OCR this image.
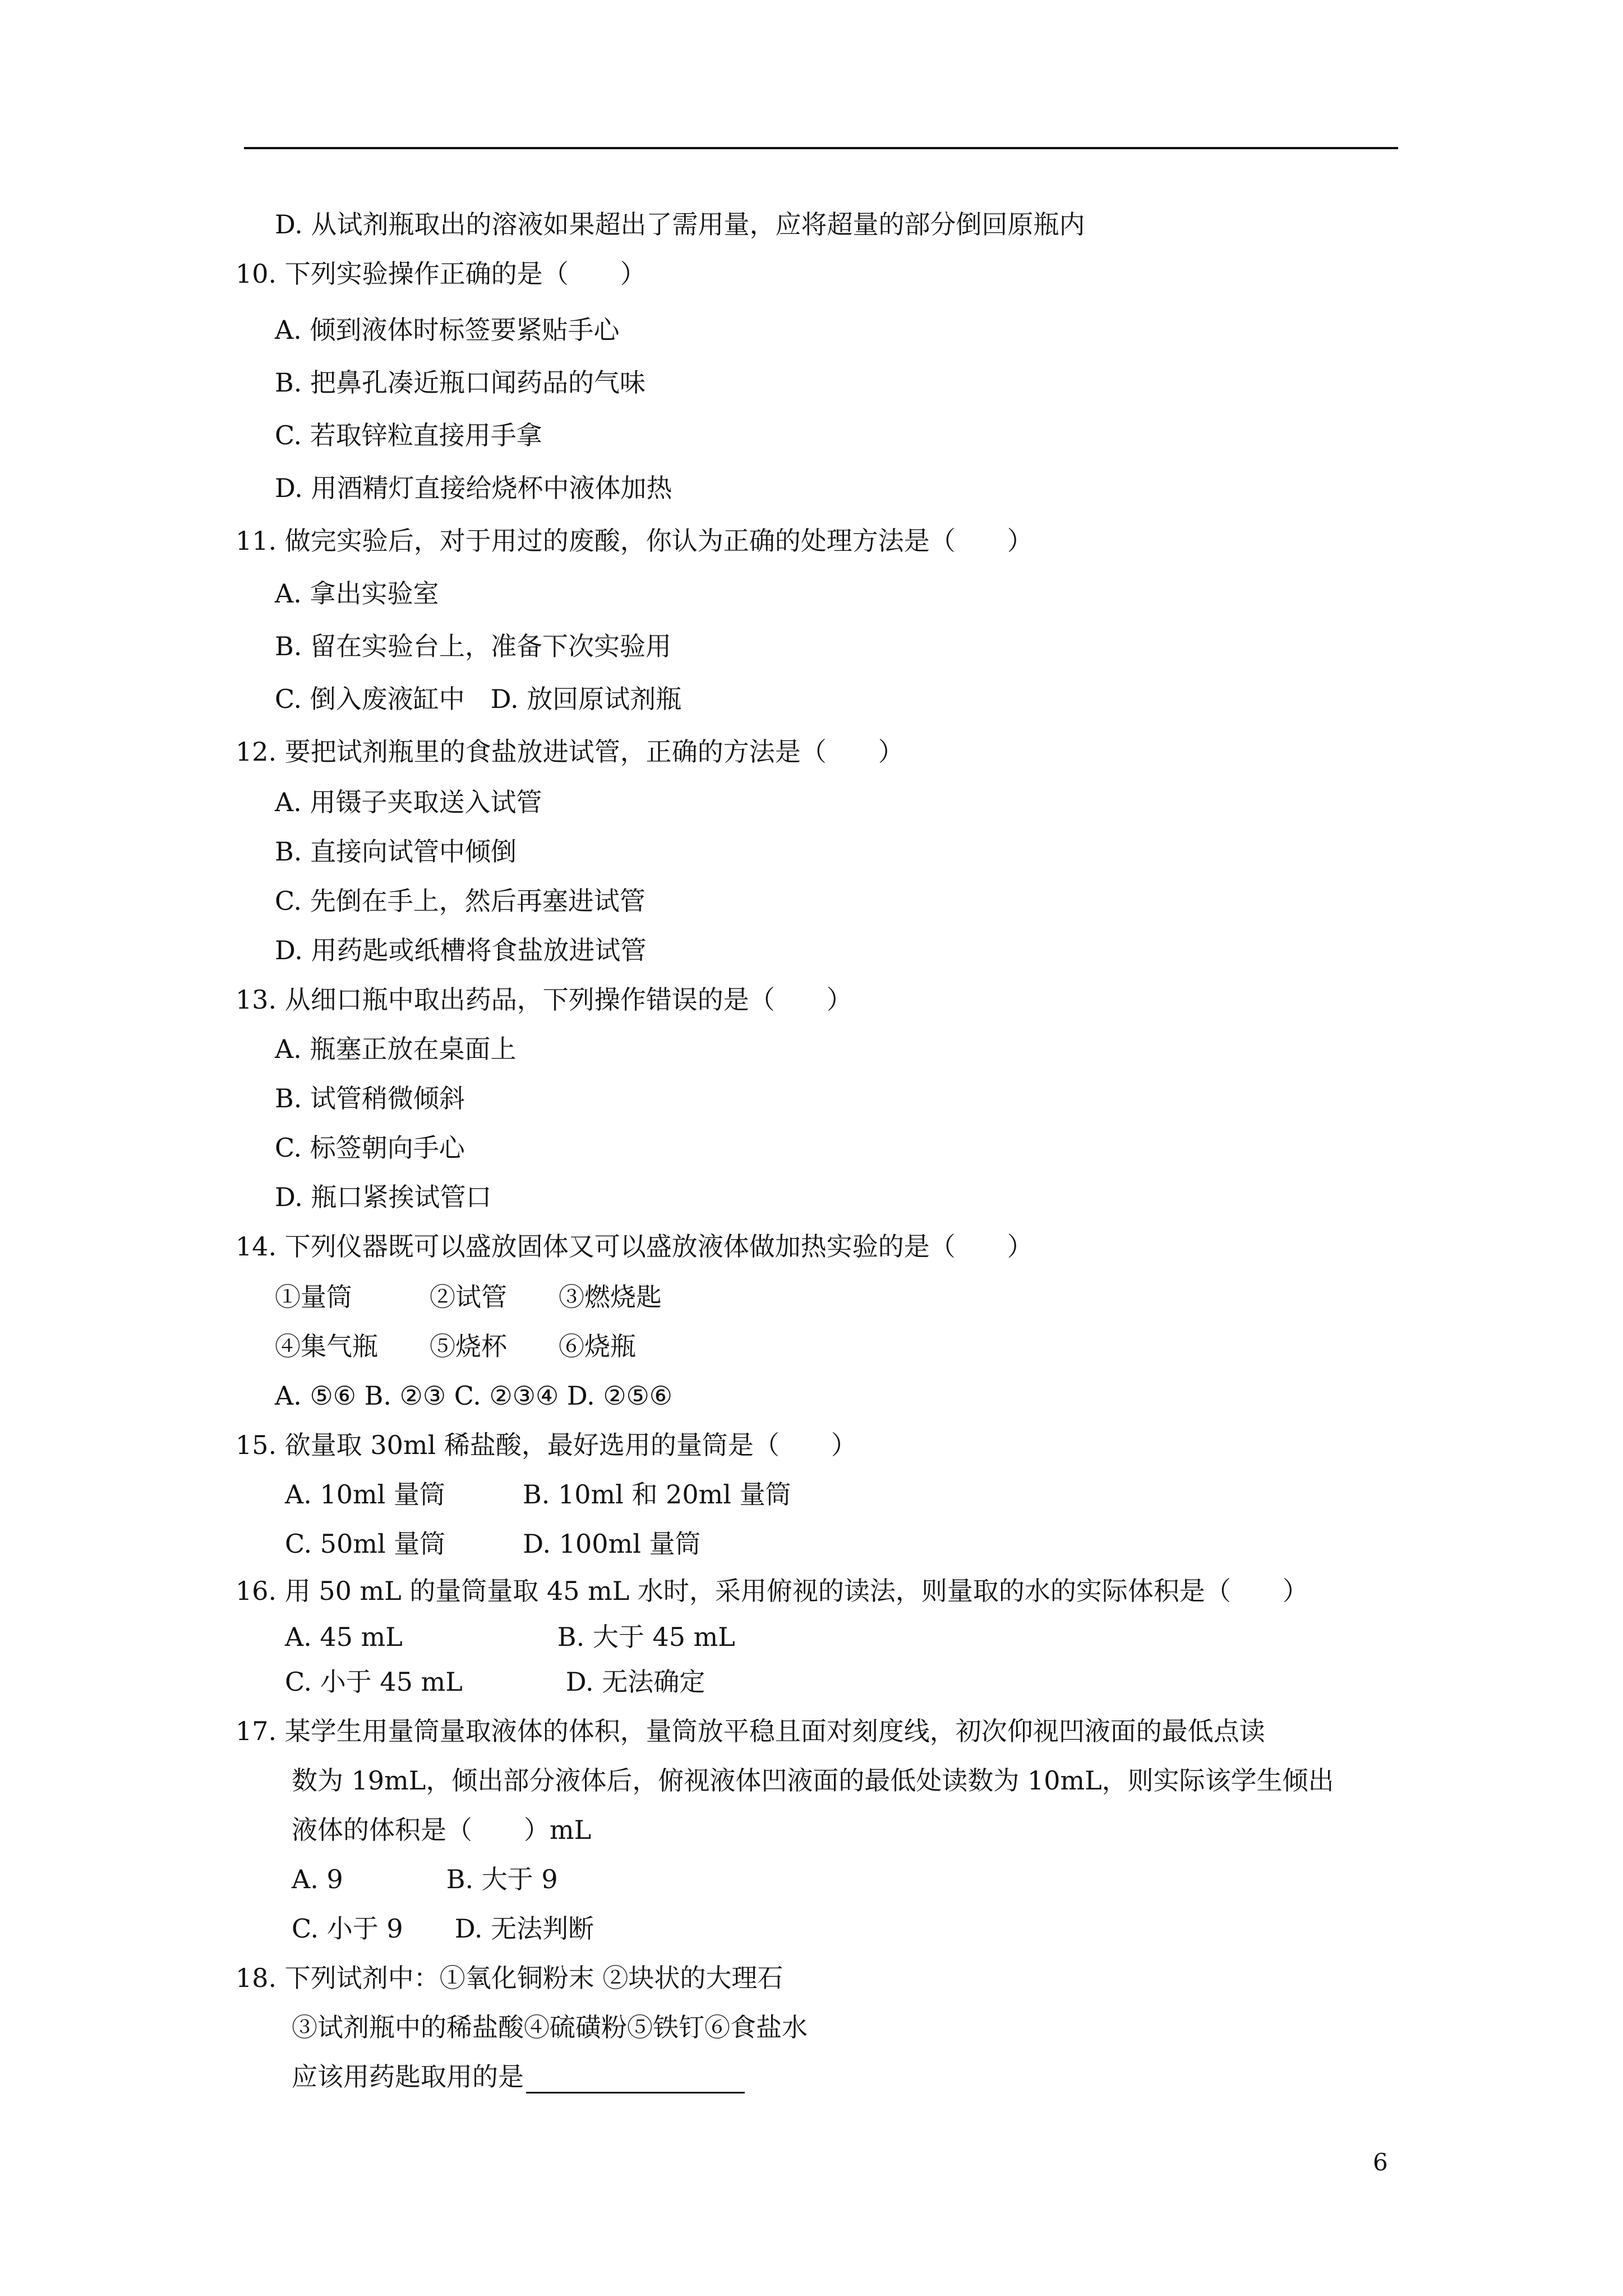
D. 从试剂瓶取出的溶液如果超出了需用量，应将超量的部分倒回原瓶内
10. 下列实验操作正确的是（　　）
A. 倾到液体时标签要紧贴手心
B. 把鼻孔凑近瓶口闻药品的气味
C. 若取锌粒直接用手拿
D. 用酒精灯直接给烧杯中液体加热
11. 做完实验后，对于用过的废酸，你认为正确的处理方法是（　　）
A. 拿出实验室
B. 留在实验台上，准备下次实验用
C. 倒入废液缸中　D. 放回原试剂瓶
12. 要把试剂瓶里的食盐放进试管，正确的方法是（　　）
A. 用镊子夹取送入试管
B. 直接向试管中倾倒
C. 先倒在手上，然后再塞进试管
D. 用药匙或纸槽将食盐放进试管
13. 从细口瓶中取出药品，下列操作错误的是（　　）
A. 瓶塞正放在桌面上
B. 试管稍微倾斜
C. 标签朝向手心
D. 瓶口紧挨试管口
14. 下列仪器既可以盛放固体又可以盛放液体做加热实验的是（　　）
①量筒　　　②试管　　③燃烧匙
④集气瓶　　⑤烧杯　　⑥烧瓶
A. ⑤⑥ B. ②③ C. ②③④ D. ②⑤⑥
15. 欲量取 30ml 稀盐酸，最好选用的量筒是（　　）
A. 10ml 量筒　　　B. 10ml 和 20ml 量筒
C. 50ml 量筒　　　D. 100ml 量筒
16. 用 50 mL 的量筒量取 45 mL 水时，采用俯视的读法，则量取的水的实际体积是（　　）
A. 45 mL　　　　　　B. 大于 45 mL
C. 小于 45 mL　　　　D. 无法确定
17. 某学生用量筒量取液体的体积，量筒放平稳且面对刻度线，初次仰视凹液面的最低点读
数为 19mL，倾出部分液体后，俯视液体凹液面的最低处读数为 10mL，则实际该学生倾出
液体的体积是（　　）mL
A. 9　　　　B. 大于 9
C. 小于 9　　D. 无法判断
18. 下列试剂中：①氧化铜粉末 ②块状的大理石
③试剂瓶中的稀盐酸④硫磺粉⑤铁钉⑥食盐水
应该用药匙取用的是
6
